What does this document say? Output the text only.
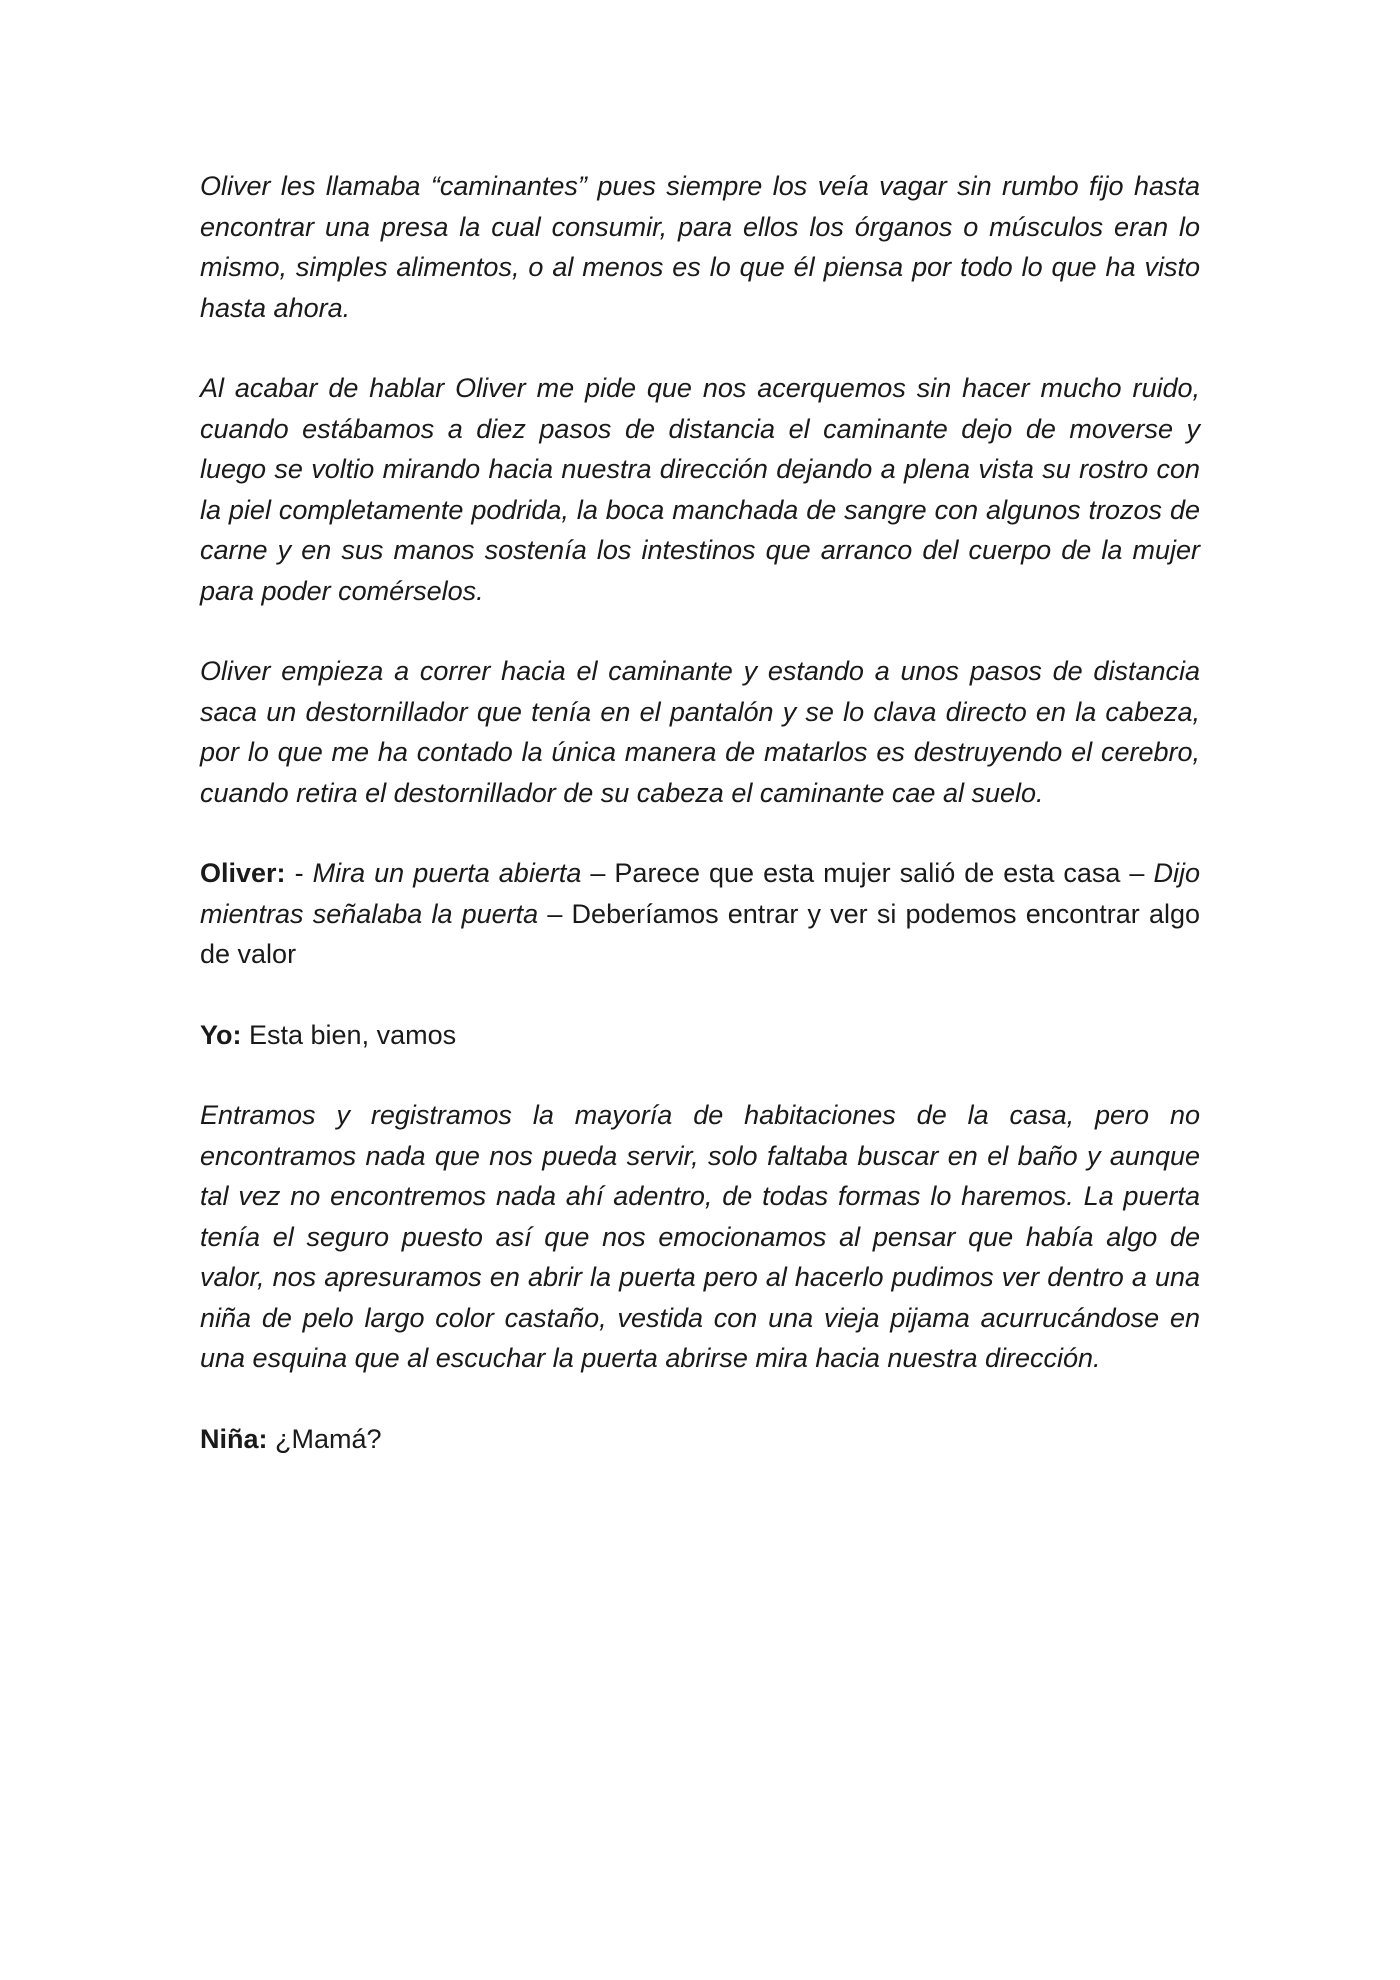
Oliver les llamaba “caminantes” pues siempre los veía vagar sin rumbo fijo hasta encontrar una presa la cual consumir, para ellos los órganos o músculos eran lo mismo, simples alimentos, o al menos es lo que él piensa por todo lo que ha visto hasta ahora.

Al acabar de hablar Oliver me pide que nos acerquemos sin hacer mucho ruido, cuando estábamos a diez pasos de distancia el caminante dejo de moverse y luego se voltio mirando hacia nuestra dirección dejando a plena vista su rostro con la piel completamente podrida, la boca manchada de sangre con algunos trozos de carne y en sus manos sostenía los intestinos que arranco del cuerpo de la mujer para poder comérselos.

Oliver empieza a correr hacia el caminante y estando a unos pasos de distancia saca un destornillador que tenía en el pantalón y se lo clava directo en la cabeza, por lo que me ha contado la única manera de matarlos es destruyendo el cerebro, cuando retira el destornillador de su cabeza el caminante cae al suelo.

Oliver: - Mira un puerta abierta – Parece que esta mujer salió de esta casa – Dijo mientras señalaba la puerta – Deberíamos entrar y ver si podemos encontrar algo de valor

Yo: Esta bien, vamos

Entramos y registramos la mayoría de habitaciones de la casa, pero no encontramos nada que nos pueda servir, solo faltaba buscar en el baño y aunque tal vez no encontremos nada ahí adentro, de todas formas lo haremos. La puerta tenía el seguro puesto así que nos emocionamos al pensar que había algo de valor, nos apresuramos en abrir la puerta pero al hacerlo pudimos ver dentro a una niña de pelo largo color castaño, vestida con una vieja pijama acurrucándose en una esquina que al escuchar la puerta abrirse mira hacia nuestra dirección.

Niña: ¿Mamá?
